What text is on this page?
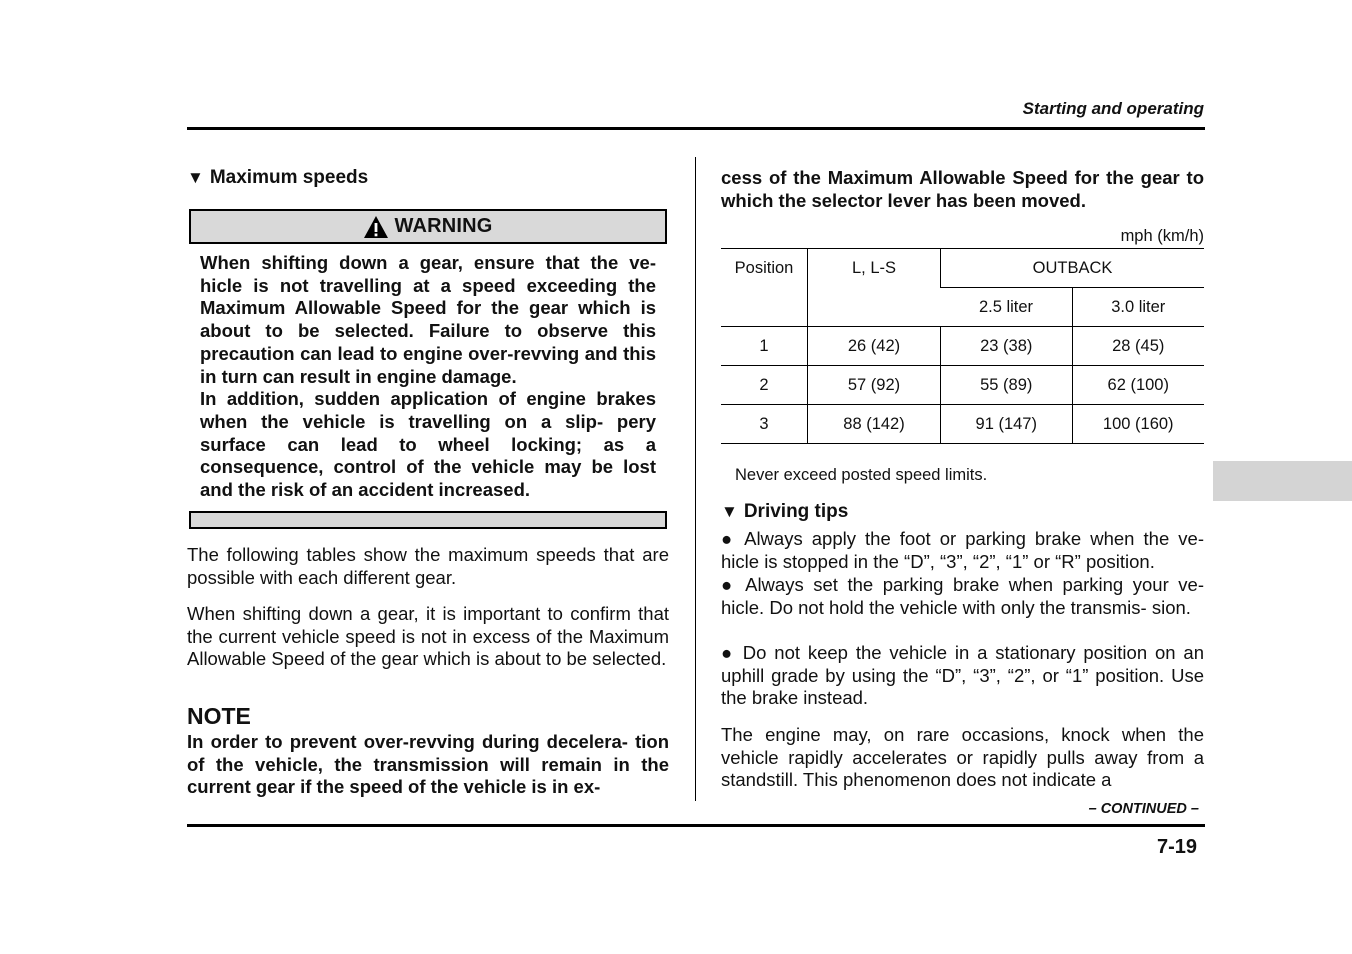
Starting and operating
▼ Maximum speeds
WARNING
When shifting down a gear, ensure that the ve- hicle is not travelling at a speed exceeding the Maximum Allowable Speed for the gear which is about to be selected. Failure to observe this precaution can lead to engine over-revving and this in turn can result in engine damage.
In addition, sudden application of engine brakes when the vehicle is travelling on a slip- pery surface can lead to wheel locking; as a consequence, control of the vehicle may be lost and the risk of an accident increased.
The following tables show the maximum speeds that are possible with each different gear.
When shifting down a gear, it is important to confirm that the current vehicle speed is not in excess of the Maximum Allowable Speed of the gear which is about to be selected.
NOTE
In order to prevent over-revving during decelera- tion of the vehicle, the transmission will remain in the current gear if the speed of the vehicle is in ex-
cess of the Maximum Allowable Speed for the gear to which the selector lever has been moved.
mph (km/h)
Position	L, L-S	OUTBACK	
		2.5 liter	3.0 liter
1	26 (42)	23 (38)	28 (45)
2	57 (92)	55 (89)	62 (100)
3	88 (142)	91 (147)	100 (160)
Never exceed posted speed limits.
▼ Driving tips
● Always apply the foot or parking brake when the ve- hicle is stopped in the “D”, “3”, “2”, “1” or “R” position.
● Always set the parking brake when parking your ve- hicle. Do not hold the vehicle with only the transmis- sion.
● Do not keep the vehicle in a stationary position on an uphill grade by using the “D”, “3”, “2”, or “1” position. Use the brake instead.
The engine may, on rare occasions, knock when the vehicle rapidly accelerates or rapidly pulls away from a standstill. This phenomenon does not indicate a
– CONTINUED –
7-19
